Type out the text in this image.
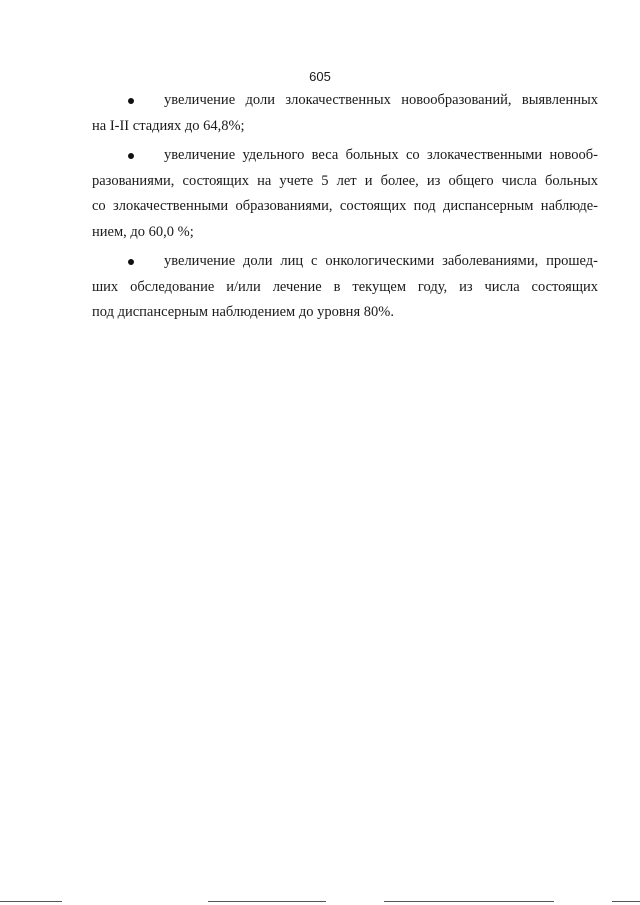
605
увеличение доли злокачественных новообразований, выявленных
на I-II стадиях до 64,8%;
увеличение удельного веса больных со злокачественными новооб-
разованиями, состоящих на учете 5 лет и более, из общего числа больных
со злокачественными образованиями, состоящих под диспансерным наблюде-
нием, до 60,0 %;
увеличение доли лиц с онкологическими заболеваниями, прошед-
ших обследование и/или лечение в текущем году, из числа состоящих
под диспансерным наблюдением до уровня 80%.
